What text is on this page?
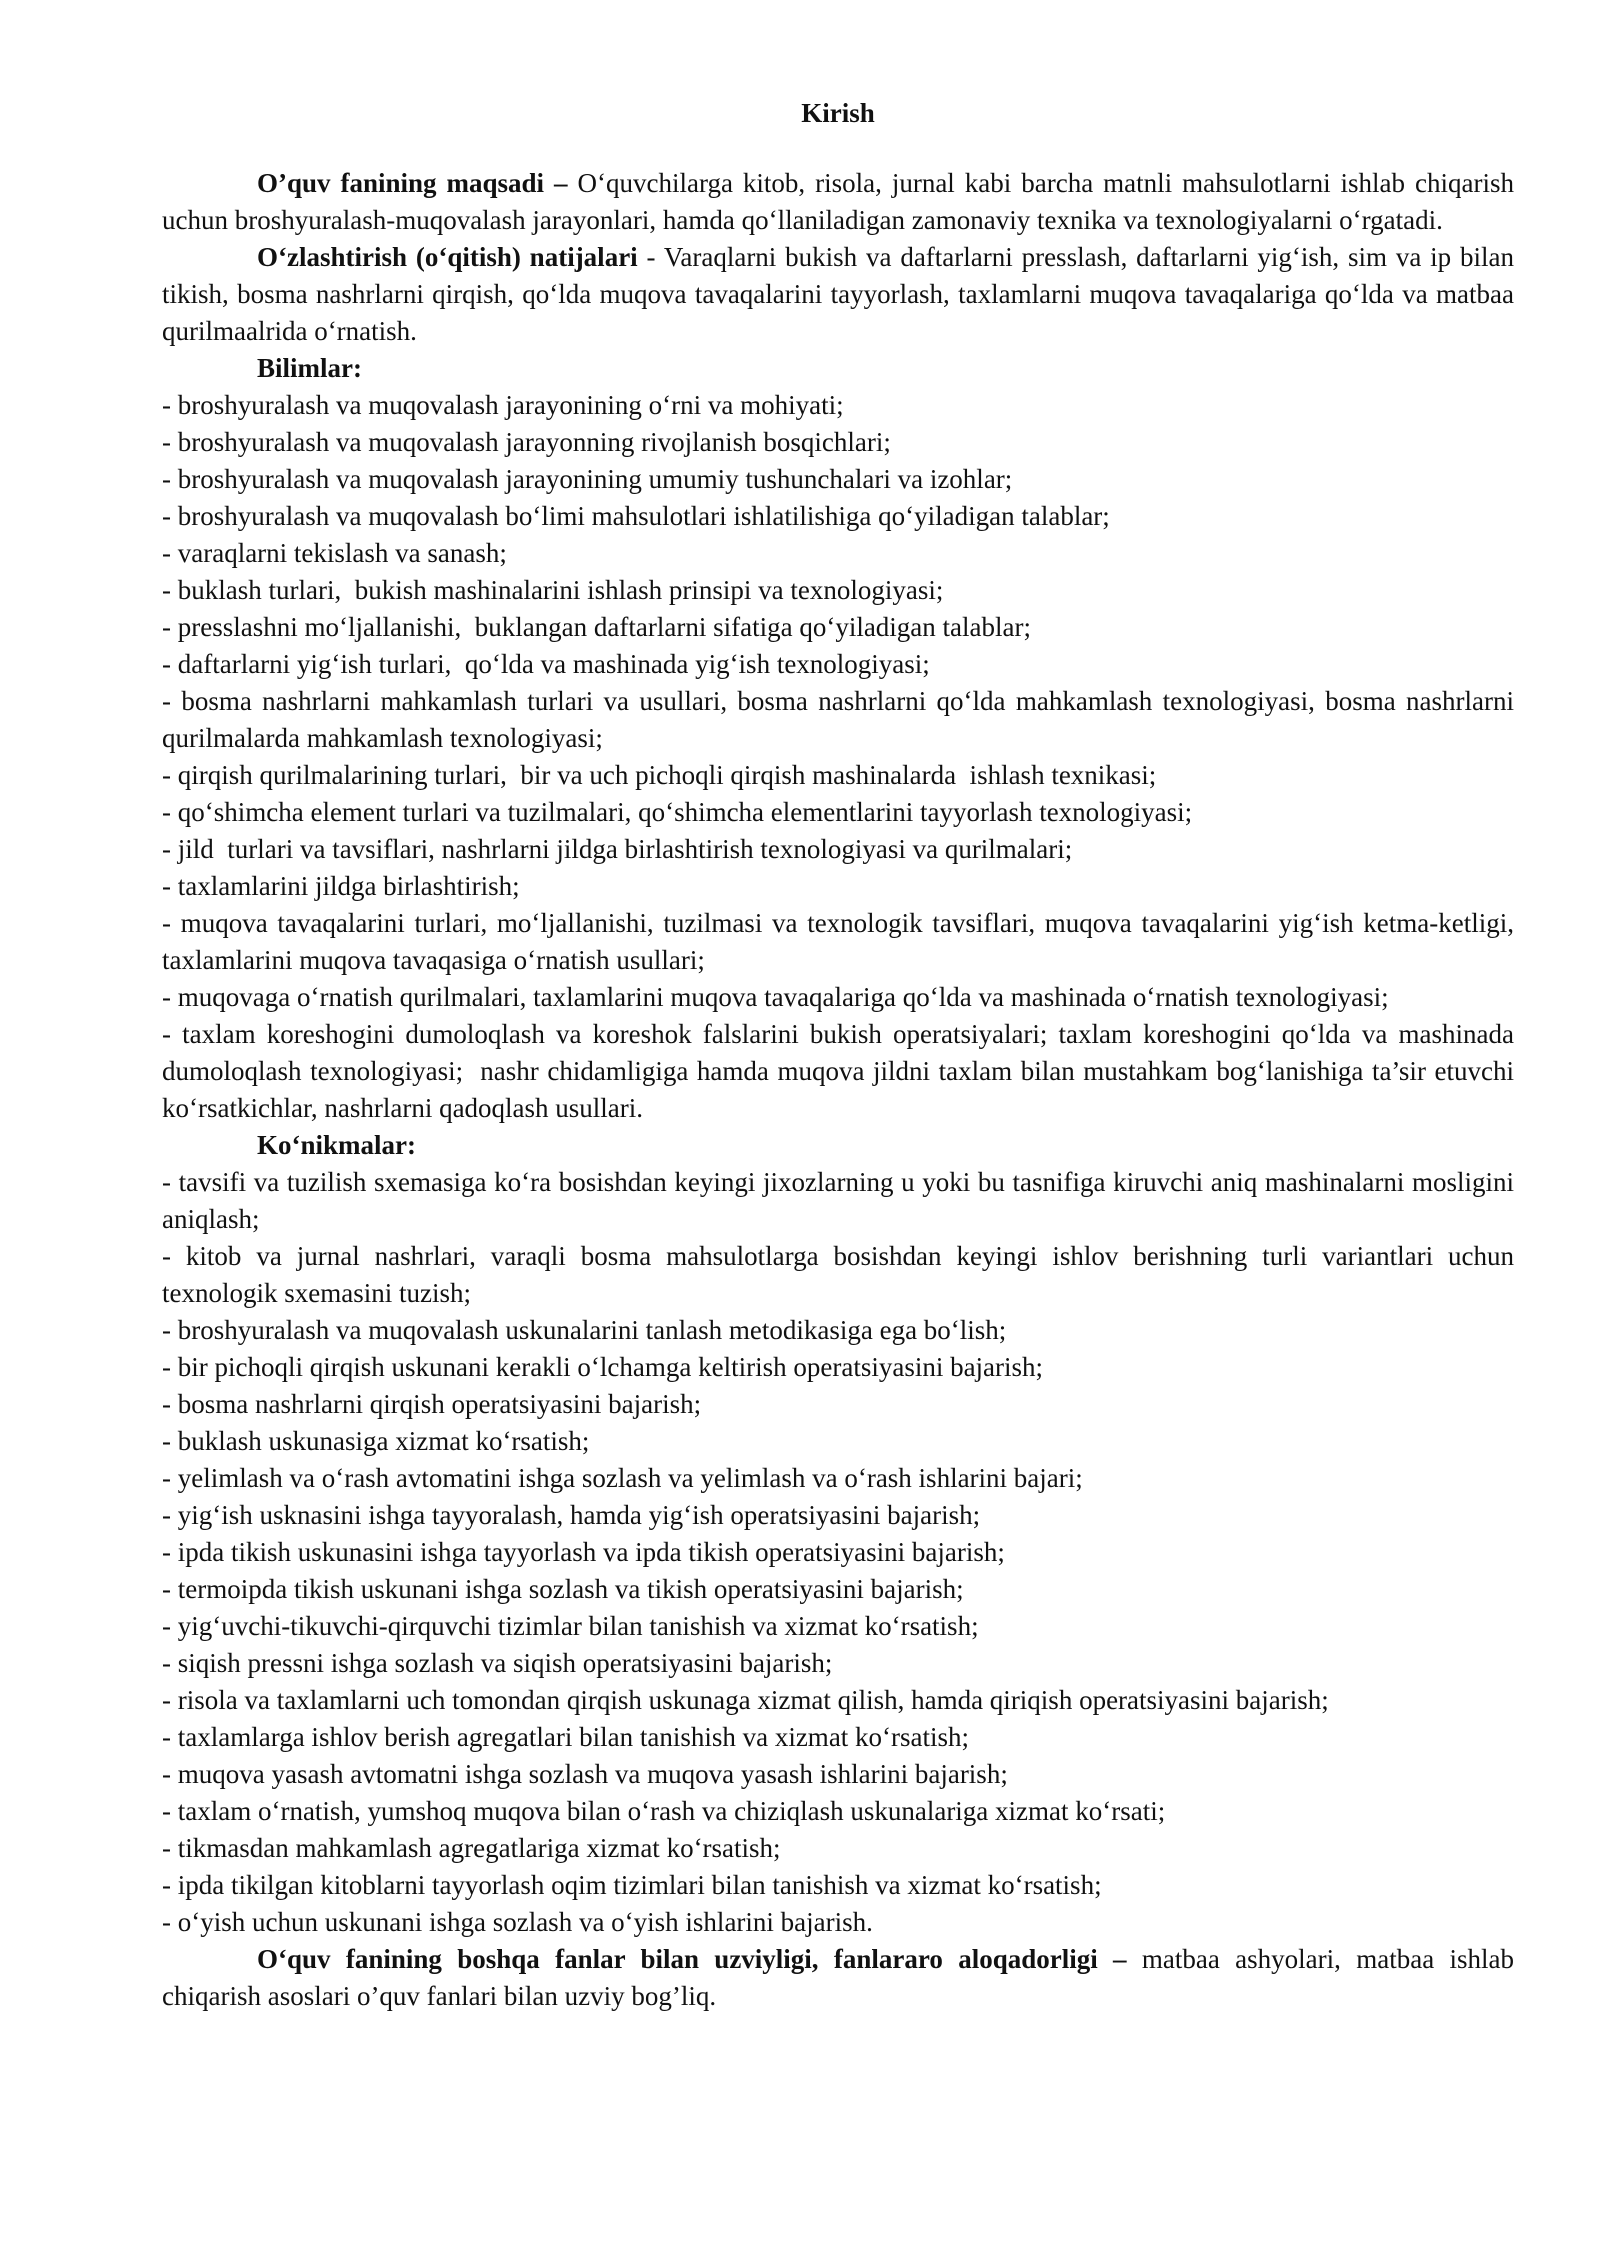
Kirish

O’quv fanining maqsadi – O‘quvchilarga kitob, risola, jurnal kabi barcha matnli mahsulotlarni ishlab chiqarish uchun broshyuralash-muqovalash jarayonlari, hamda qo‘llaniladigan zamonaviy texnika va texnologiyalarni o‘rgatadi.

O‘zlashtirish (o‘qitish) natijalari - Varaqlarni bukish va daftarlarni presslash, daftarlarni yig‘ish, sim va ip bilan tikish, bosma nashrlarni qirqish, qo‘lda muqova tavaqalarini tayyorlash, taxlamlarni muqova tavaqalariga qo‘lda va matbaa qurilmaalrida o‘rnatish.

Bilimlar:

- broshyuralash va muqovalash jarayonining o‘rni va mohiyati;
- broshyuralash va muqovalash jarayonning rivojlanish bosqichlari;
- broshyuralash va muqovalash jarayonining umumiy tushunchalari va izohlar;
- broshyuralash va muqovalash bo‘limi mahsulotlari ishlatilishiga qo‘yiladigan talablar;
- varaqlarni tekislash va sanash;
- buklash turlari,  bukish mashinalarini ishlash prinsipi va texnologiyasi;
- presslashni mo‘ljallanishi,  buklangan daftarlarni sifatiga qo‘yiladigan talablar;
- daftarlarni yig‘ish turlari,  qo‘lda va mashinada yig‘ish texnologiyasi;
- bosma nashrlarni mahkamlash turlari va usullari, bosma nashrlarni qo‘lda mahkamlash texnologiyasi, bosma nashrlarni qurilmalarda mahkamlash texnologiyasi;
- qirqish qurilmalarining turlari,  bir va uch pichoqli qirqish mashinalarda  ishlash texnikasi;
- qo‘shimcha element turlari va tuzilmalari, qo‘shimcha elementlarini tayyorlash texnologiyasi;
- jild  turlari va tavsiflari, nashrlarni jildga birlashtirish texnologiyasi va qurilmalari;
- taxlamlarini jildga birlashtirish;
- muqova tavaqalarini turlari, mo‘ljallanishi, tuzilmasi va texnologik tavsiflari, muqova tavaqalarini yig‘ish ketma-ketligi, taxlamlarini muqova tavaqasiga o‘rnatish usullari;
- muqovaga o‘rnatish qurilmalari, taxlamlarini muqova tavaqalariga qo‘lda va mashinada o‘rnatish texnologiyasi;
- taxlam koreshogini dumoloqlash va koreshok falslarini bukish operatsiyalari; taxlam koreshogini qo‘lda va mashinada dumoloqlash texnologiyasi;  nashr chidamligiga hamda muqova jildni taxlam bilan mustahkam bog‘lanishiga ta’sir etuvchi ko‘rsatkichlar, nashrlarni qadoqlash usullari.

Ko‘nikmalar:

- tavsifi va tuzilish sxemasiga ko‘ra bosishdan keyingi jixozlarning u yoki bu tasnifiga kiruvchi aniq mashinalarni mosligini aniqlash;
- kitob va jurnal nashrlari, varaqli bosma mahsulotlarga bosishdan keyingi ishlov berishning turli variantlari uchun texnologik sxemasini tuzish;
- broshyuralash va muqovalash uskunalarini tanlash metodikasiga ega bo‘lish;
- bir pichoqli qirqish uskunani kerakli o‘lchamga keltirish operatsiyasini bajarish;
- bosma nashrlarni qirqish operatsiyasini bajarish;
- buklash uskunasiga xizmat ko‘rsatish;
- yelimlash va o‘rash avtomatini ishga sozlash va yelimlash va o‘rash ishlarini bajari;
- yig‘ish usknasini ishga tayyoralash, hamda yig‘ish operatsiyasini bajarish;
- ipda tikish uskunasini ishga tayyorlash va ipda tikish operatsiyasini bajarish;
- termoipda tikish uskunani ishga sozlash va tikish operatsiyasini bajarish;
- yig‘uvchi-tikuvchi-qirquvchi tizimlar bilan tanishish va xizmat ko‘rsatish;
- siqish pressni ishga sozlash va siqish operatsiyasini bajarish;
- risola va taxlamlarni uch tomondan qirqish uskunaga xizmat qilish, hamda qiriqish operatsiyasini bajarish;
- taxlamlarga ishlov berish agregatlari bilan tanishish va xizmat ko‘rsatish;
- muqova yasash avtomatni ishga sozlash va muqova yasash ishlarini bajarish;
- taxlam o‘rnatish, yumshoq muqova bilan o‘rash va chiziqlash uskunalariga xizmat ko‘rsati;
- tikmasdan mahkamlash agregatlariga xizmat ko‘rsatish;
- ipda tikilgan kitoblarni tayyorlash oqim tizimlari bilan tanishish va xizmat ko‘rsatish;
- o‘yish uchun uskunani ishga sozlash va o‘yish ishlarini bajarish.

O‘quv fanining boshqa fanlar bilan uzviyligi, fanlararo aloqadorligi – matbaa ashyolari, matbaa ishlab chiqarish asoslari o’quv fanlari bilan uzviy bog’liq.
